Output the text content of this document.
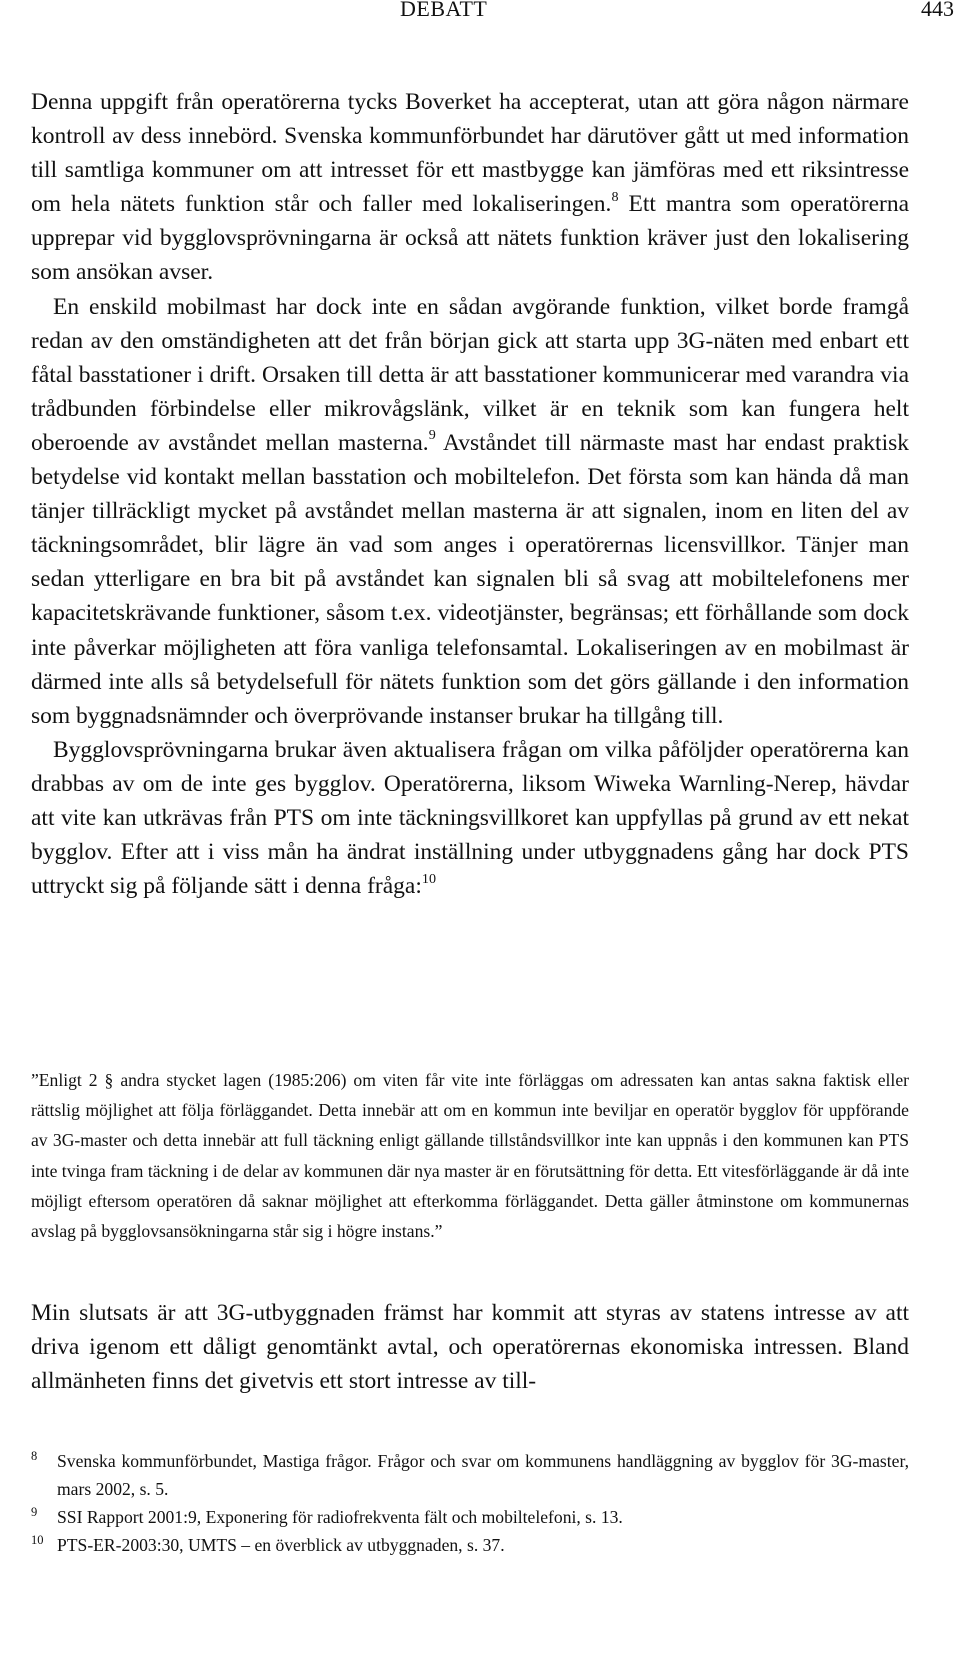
DEBATT	443

Denna uppgift från operatörerna tycks Boverket ha accepterat, utan att göra någon närmare kontroll av dess innebörd. Svenska kommunförbundet har därutöver gått ut med information till samtliga kommuner om att intresset för ett mastbygge kan jämföras med ett riksintresse om hela nätets funktion står och faller med lokaliseringen.$^8$ Ett mantra som operatörerna upprepar vid bygglovsprövningarna är också att nätets funktion kräver just den lokalisering som ansökan avser.

En enskild mobilmast har dock inte en sådan avgörande funktion, vilket borde framgå redan av den omständigheten att det från början gick att starta upp 3G-näten med enbart ett fåtal basstationer i drift. Orsaken till detta är att basstationer kommunicerar med varandra via trådbunden förbindelse eller mikrovågslänk, vilket är en teknik som kan fungera helt oberoende av avståndet mellan masterna.$^9$ Avståndet till närmaste mast har endast praktisk betydelse vid kontakt mellan basstation och mobiltelefon. Det första som kan hända då man tänjer tillräckligt mycket på avståndet mellan masterna är att signalen, inom en liten del av täckningsområdet, blir lägre än vad som anges i operatörernas licensvillkor. Tänjer man sedan ytterligare en bra bit på avståndet kan signalen bli så svag att mobiltelefonens mer kapacitetskrävande funktioner, såsom t.ex. videotjänster, begränsas; ett förhållande som dock inte påverkar möjligheten att föra vanliga telefonsamtal. Lokaliseringen av en mobilmast är därmed inte alls så betydelsefull för nätets funktion som det görs gällande i den information som byggnadsnämnder och överprövande instanser brukar ha tillgång till.

Bygglovsprövningarna brukar även aktualisera frågan om vilka påföljder operatörerna kan drabbas av om de inte ges bygglov. Operatörerna, liksom Wiweka Warnling-Nerep, hävdar att vite kan utkrävas från PTS om inte täckningsvillkoret kan uppfyllas på grund av ett nekat bygglov. Efter att i viss mån ha ändrat inställning under utbyggnadens gång har dock PTS uttryckt sig på följande sätt i denna fråga:$^{10}$

”Enligt 2 § andra stycket lagen (1985:206) om viten får vite inte förläggas om adressaten kan antas sakna faktisk eller rättslig möjlighet att följa förläggandet. Detta innebär att om en kommun inte beviljar en operatör bygglov för uppförande av 3G-master och detta innebär att full täckning enligt gällande tillståndsvillkor inte kan uppnås i den kommunen kan PTS inte tvinga fram täckning i de delar av kommunen där nya master är en förutsättning för detta. Ett vitesförläggande är då inte möjligt eftersom operatören då saknar möjlighet att efterkomma förläggandet. Detta gäller åtminstone om kommunernas avslag på bygglovsansökningarna står sig i högre instans.”

Min slutsats är att 3G-utbyggnaden främst har kommit att styras av statens intresse av att driva igenom ett dåligt genomtänkt avtal, och operatörernas ekonomiska intressen. Bland allmänheten finns det givetvis ett stort intresse av till-

8 Svenska kommunförbundet, Mastiga frågor. Frågor och svar om kommunens handläggning av bygglov för 3G-master, mars 2002, s. 5.
9 SSI Rapport 2001:9, Exponering för radiofrekventa fält och mobiltelefoni, s. 13.
10 PTS-ER-2003:30, UMTS – en överblick av utbyggnaden, s. 37.
